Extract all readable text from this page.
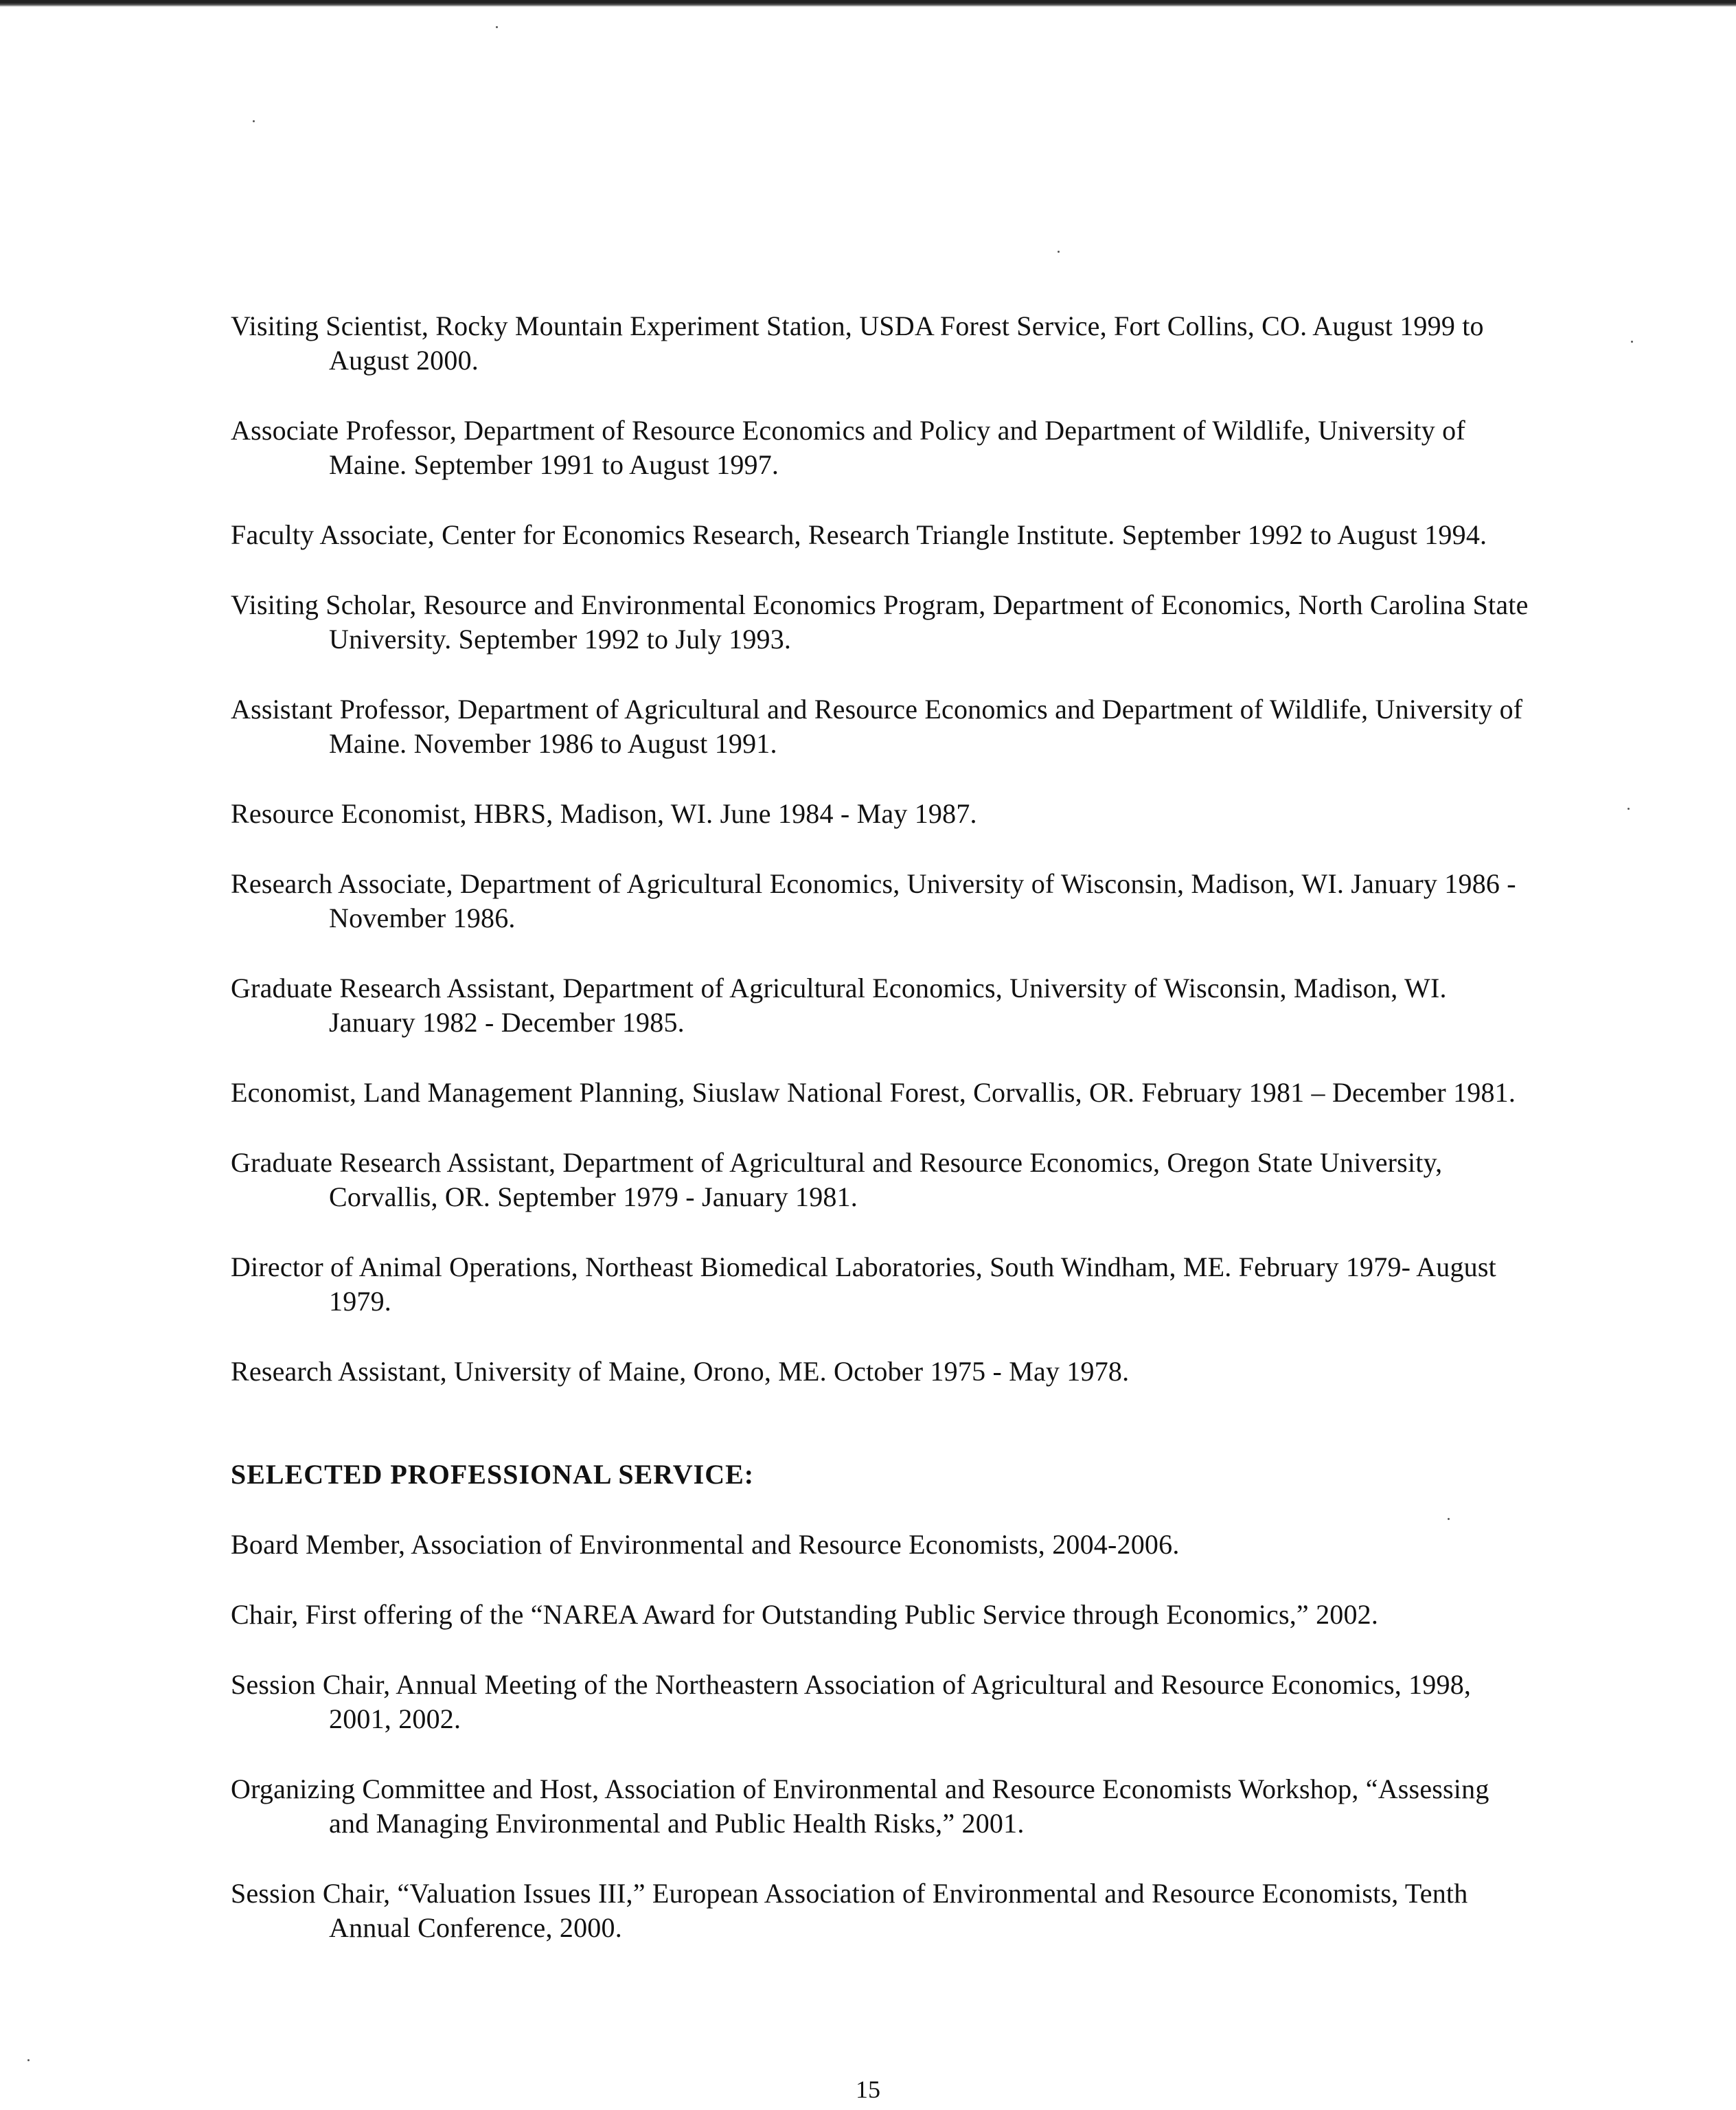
Visiting Scientist, Rocky Mountain Experiment Station, USDA Forest Service, Fort Collins, CO. August 1999 to August 2000.

Associate Professor, Department of Resource Economics and Policy and Department of Wildlife, University of Maine. September 1991 to August 1997.

Faculty Associate, Center for Economics Research, Research Triangle Institute. September 1992 to August 1994.

Visiting Scholar, Resource and Environmental Economics Program, Department of Economics, North Carolina State University. September 1992 to July 1993.

Assistant Professor, Department of Agricultural and Resource Economics and Department of Wildlife, University of Maine. November 1986 to August 1991.

Resource Economist, HBRS, Madison, WI. June 1984 - May 1987.

Research Associate, Department of Agricultural Economics, University of Wisconsin, Madison, WI. January 1986 - November 1986.

Graduate Research Assistant, Department of Agricultural Economics, University of Wisconsin, Madison, WI. January 1982 - December 1985.

Economist, Land Management Planning, Siuslaw National Forest, Corvallis, OR. February 1981 – December 1981.

Graduate Research Assistant, Department of Agricultural and Resource Economics, Oregon State University, Corvallis, OR. September 1979 - January 1981.

Director of Animal Operations, Northeast Biomedical Laboratories, South Windham, ME. February 1979- August 1979.

Research Assistant, University of Maine, Orono, ME. October 1975 - May 1978.

SELECTED PROFESSIONAL SERVICE:

Board Member, Association of Environmental and Resource Economists, 2004-2006.

Chair, First offering of the “NAREA Award for Outstanding Public Service through Economics,” 2002.

Session Chair, Annual Meeting of the Northeastern Association of Agricultural and Resource Economics, 1998, 2001, 2002.

Organizing Committee and Host, Association of Environmental and Resource Economists Workshop, “Assessing and Managing Environmental and Public Health Risks,” 2001.

Session Chair, “Valuation Issues III,” European Association of Environmental and Resource Economists, Tenth Annual Conference, 2000.

15
